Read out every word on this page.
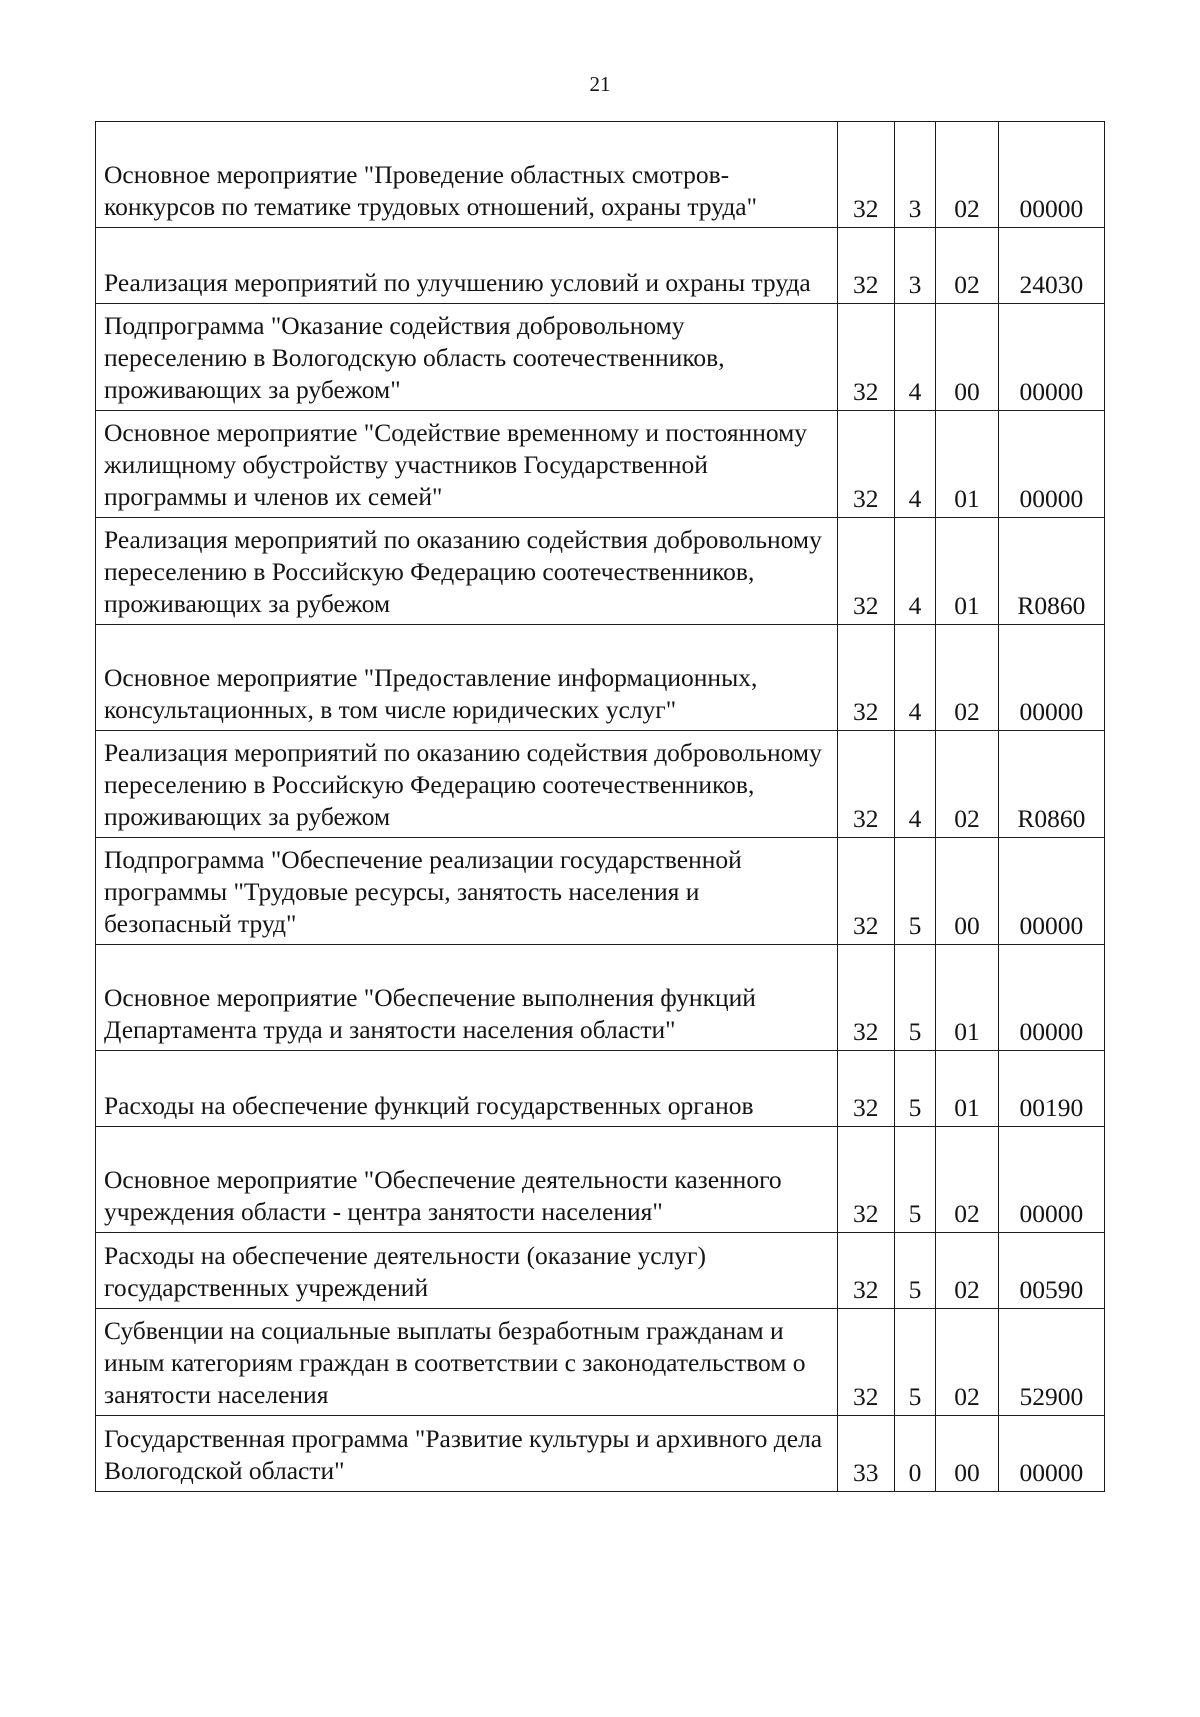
21
Основное мероприятие "Проведение областных смотров-конкурсов по тематике трудовых отношений, охраны труда"	32	3	02	00000
Реализация мероприятий по улучшению условий и охраны труда	32	3	02	24030
Подпрограмма "Оказание содействия добровольному переселению в Вологодскую область соотечественников, проживающих за рубежом"	32	4	00	00000
Основное мероприятие "Содействие временному и постоянному жилищному обустройству участников Государственной программы и членов их семей"	32	4	01	00000
Реализация мероприятий по оказанию содействия добровольному переселению в Российскую Федерацию соотечественников, проживающих за рубежом	32	4	01	R0860
Основное мероприятие "Предоставление информационных, консультационных, в том числе юридических услуг"	32	4	02	00000
Реализация мероприятий по оказанию содействия добровольному переселению в Российскую Федерацию соотечественников, проживающих за рубежом	32	4	02	R0860
Подпрограмма "Обеспечение реализации государственной программы "Трудовые ресурсы, занятость населения и безопасный труд"	32	5	00	00000
Основное мероприятие "Обеспечение выполнения функций Департамента труда и занятости населения области"	32	5	01	00000
Расходы на обеспечение функций государственных органов	32	5	01	00190
Основное мероприятие "Обеспечение деятельности казенного учреждения области - центра занятости населения"	32	5	02	00000
Расходы на обеспечение деятельности (оказание услуг) государственных учреждений	32	5	02	00590
Субвенции на социальные выплаты безработным гражданам и иным категориям граждан в соответствии с законодательством о занятости населения	32	5	02	52900
Государственная программа "Развитие культуры и архивного дела Вологодской области"	33	0	00	00000
